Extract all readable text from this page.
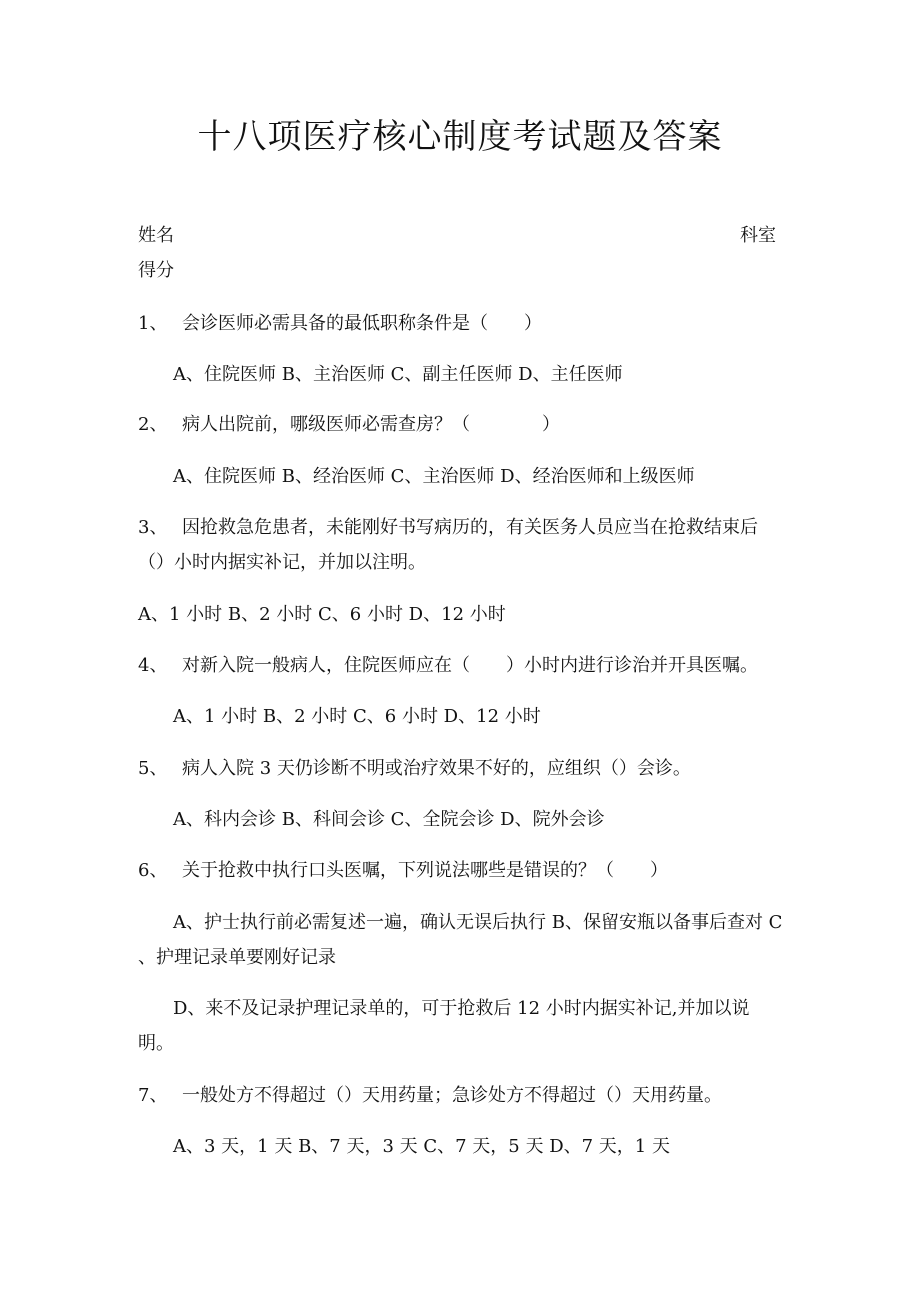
十八项医疗核心制度考试题及答案
姓名	科室
得分
1、 会诊医师必需具备的最低职称条件是（　　）
A、住院医师 B、主治医师 C、副主任医师 D、主任医师
2、 病人出院前，哪级医师必需查房？（　　　　）
A、住院医师 B、经治医师 C、主治医师 D、经治医师和上级医师
3、 因抢救急危患者，未能刚好书写病历的，有关医务人员应当在抢救结束后
（）小时内据实补记，并加以注明。
A、1 小时 B、2 小时 C、6 小时 D、12 小时
4、 对新入院一般病人，住院医师应在（　　）小时内进行诊治并开具医嘱。
A、1 小时 B、2 小时 C、6 小时 D、12 小时
5、 病人入院 3 天仍诊断不明或治疗效果不好的，应组织（）会诊。
A、科内会诊 B、科间会诊 C、全院会诊 D、院外会诊
6、 关于抢救中执行口头医嘱，下列说法哪些是错误的？（　　）
A、护士执行前必需复述一遍，确认无误后执行 B、保留安瓶以备事后查对 C
、护理记录单要刚好记录
D、来不及记录护理记录单的，可于抢救后 12 小时内据实补记,并加以说
明。
7、 一般处方不得超过（）天用药量；急诊处方不得超过（）天用药量。
A、3 天，1 天 B、7 天，3 天 C、7 天，5 天 D、7 天，1 天
